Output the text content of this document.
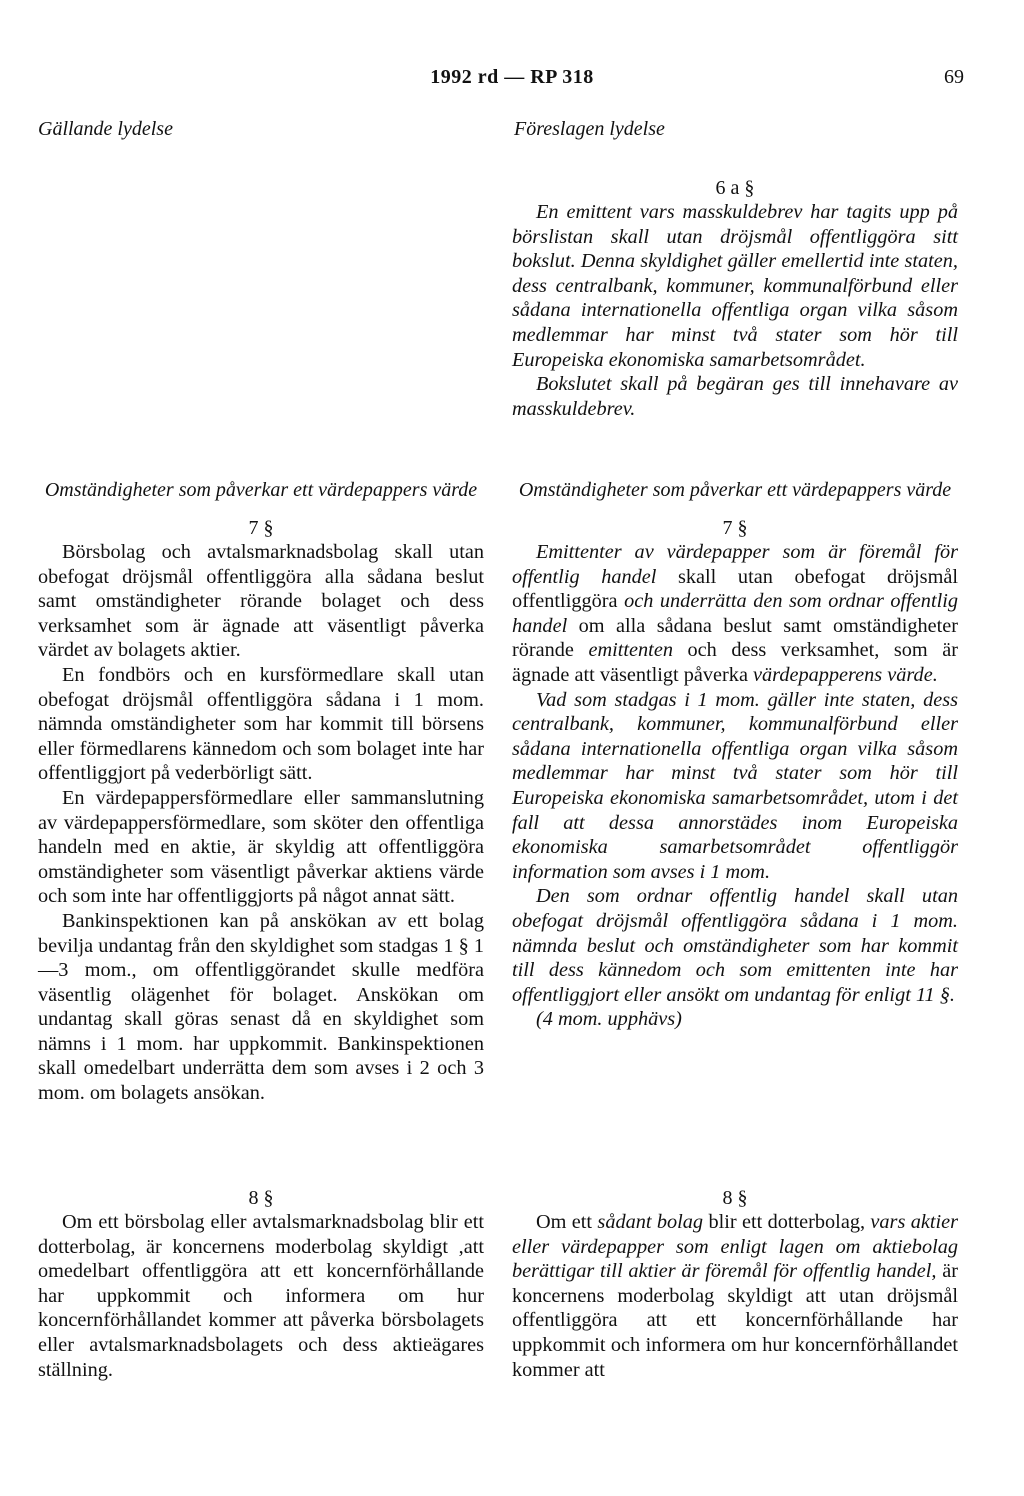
1992 rd — RP 318	69
Gällande lydelse	Föreslagen lydelse

6 a §

En emittent vars masskuldebrev har tagits upp på börslistan skall utan dröjsmål offentliggöra sitt bokslut. Denna skyldighet gäller emellertid inte staten, dess centralbank, kommuner, kommunalförbund eller sådana internationella offentliga organ vilka såsom medlemmar har minst två stater som hör till Europeiska ekonomiska samarbetsområdet.

Bokslutet skall på begäran ges till innehavare av masskuldebrev.

Omständigheter som påverkar ett värdepappers värde

7 §

Börsbolag och avtalsmarknadsbolag skall utan obefogat dröjsmål offentliggöra alla sådana beslut samt omständigheter rörande bolaget och dess verksamhet som är ägnade att väsentligt påverka värdet av bolagets aktier.

En fondbörs och en kursförmedlare skall utan obefogat dröjsmål offentliggöra sådana i 1 mom. nämnda omständigheter som har kommit till börsens eller förmedlarens kännedom och som bolaget inte har offentliggjort på vederbörligt sätt.

En värdepappersförmedlare eller sammanslutning av värdepappersförmedlare, som sköter den offentliga handeln med en aktie, är skyldig att offentliggöra omständigheter som väsentligt påverkar aktiens värde och som inte har offentliggjorts på något annat sätt.

Bankinspektionen kan på anskökan av ett bolag bevilja undantag från den skyldighet som stadgas 1 § 1—3 mom., om offentliggörandet skulle medföra väsentlig olägenhet för bolaget. Anskökan om undantag skall göras senast då en skyldighet som nämns i 1 mom. har uppkommit. Bankinspektionen skall omedelbart underrätta dem som avses i 2 och 3 mom. om bolagets ansökan.

Omständigheter som påverkar ett värdepappers värde

7 §

Emittenter av värdepapper som är föremål för offentlig handel skall utan obefogat dröjsmål offentliggöra och underrätta den som ordnar offentlig handel om alla sådana beslut samt omständigheter rörande emittenten och dess verksamhet, som är ägnade att väsentligt påverka värdepapperens värde.

Vad som stadgas i 1 mom. gäller inte staten, dess centralbank, kommuner, kommunalförbund eller sådana internationella offentliga organ vilka såsom medlemmar har minst två stater som hör till Europeiska ekonomiska samarbetsområdet, utom i det fall att dessa annorstädes inom Europeiska ekonomiska samarbetsområdet offentliggör information som avses i 1 mom.

Den som ordnar offentlig handel skall utan obefogat dröjsmål offentliggöra sådana i 1 mom. nämnda beslut och omständigheter som har kommit till dess kännedom och som emittenten inte har offentliggjort eller ansökt om undantag för enligt 11 §.

(4 mom. upphävs)

8 §

Om ett börsbolag eller avtalsmarknadsbolag blir ett dotterbolag, är koncernens moderbolag skyldigt ,att omedelbart offentliggöra att ett koncernförhållande har uppkommit och informera om hur koncernförhållandet kommer att påverka börsbolagets eller avtalsmarknadsbolagets och dess aktieägares ställning.

8 §

Om ett sådant bolag blir ett dotterbolag, vars aktier eller värdepapper som enligt lagen om aktiebolag berättigar till aktier är föremål för offentlig handel, är koncernens moderbolag skyldigt att utan dröjsmål offentliggöra att ett koncernförhållande har uppkommit och informera om hur koncernförhållandet kommer att
